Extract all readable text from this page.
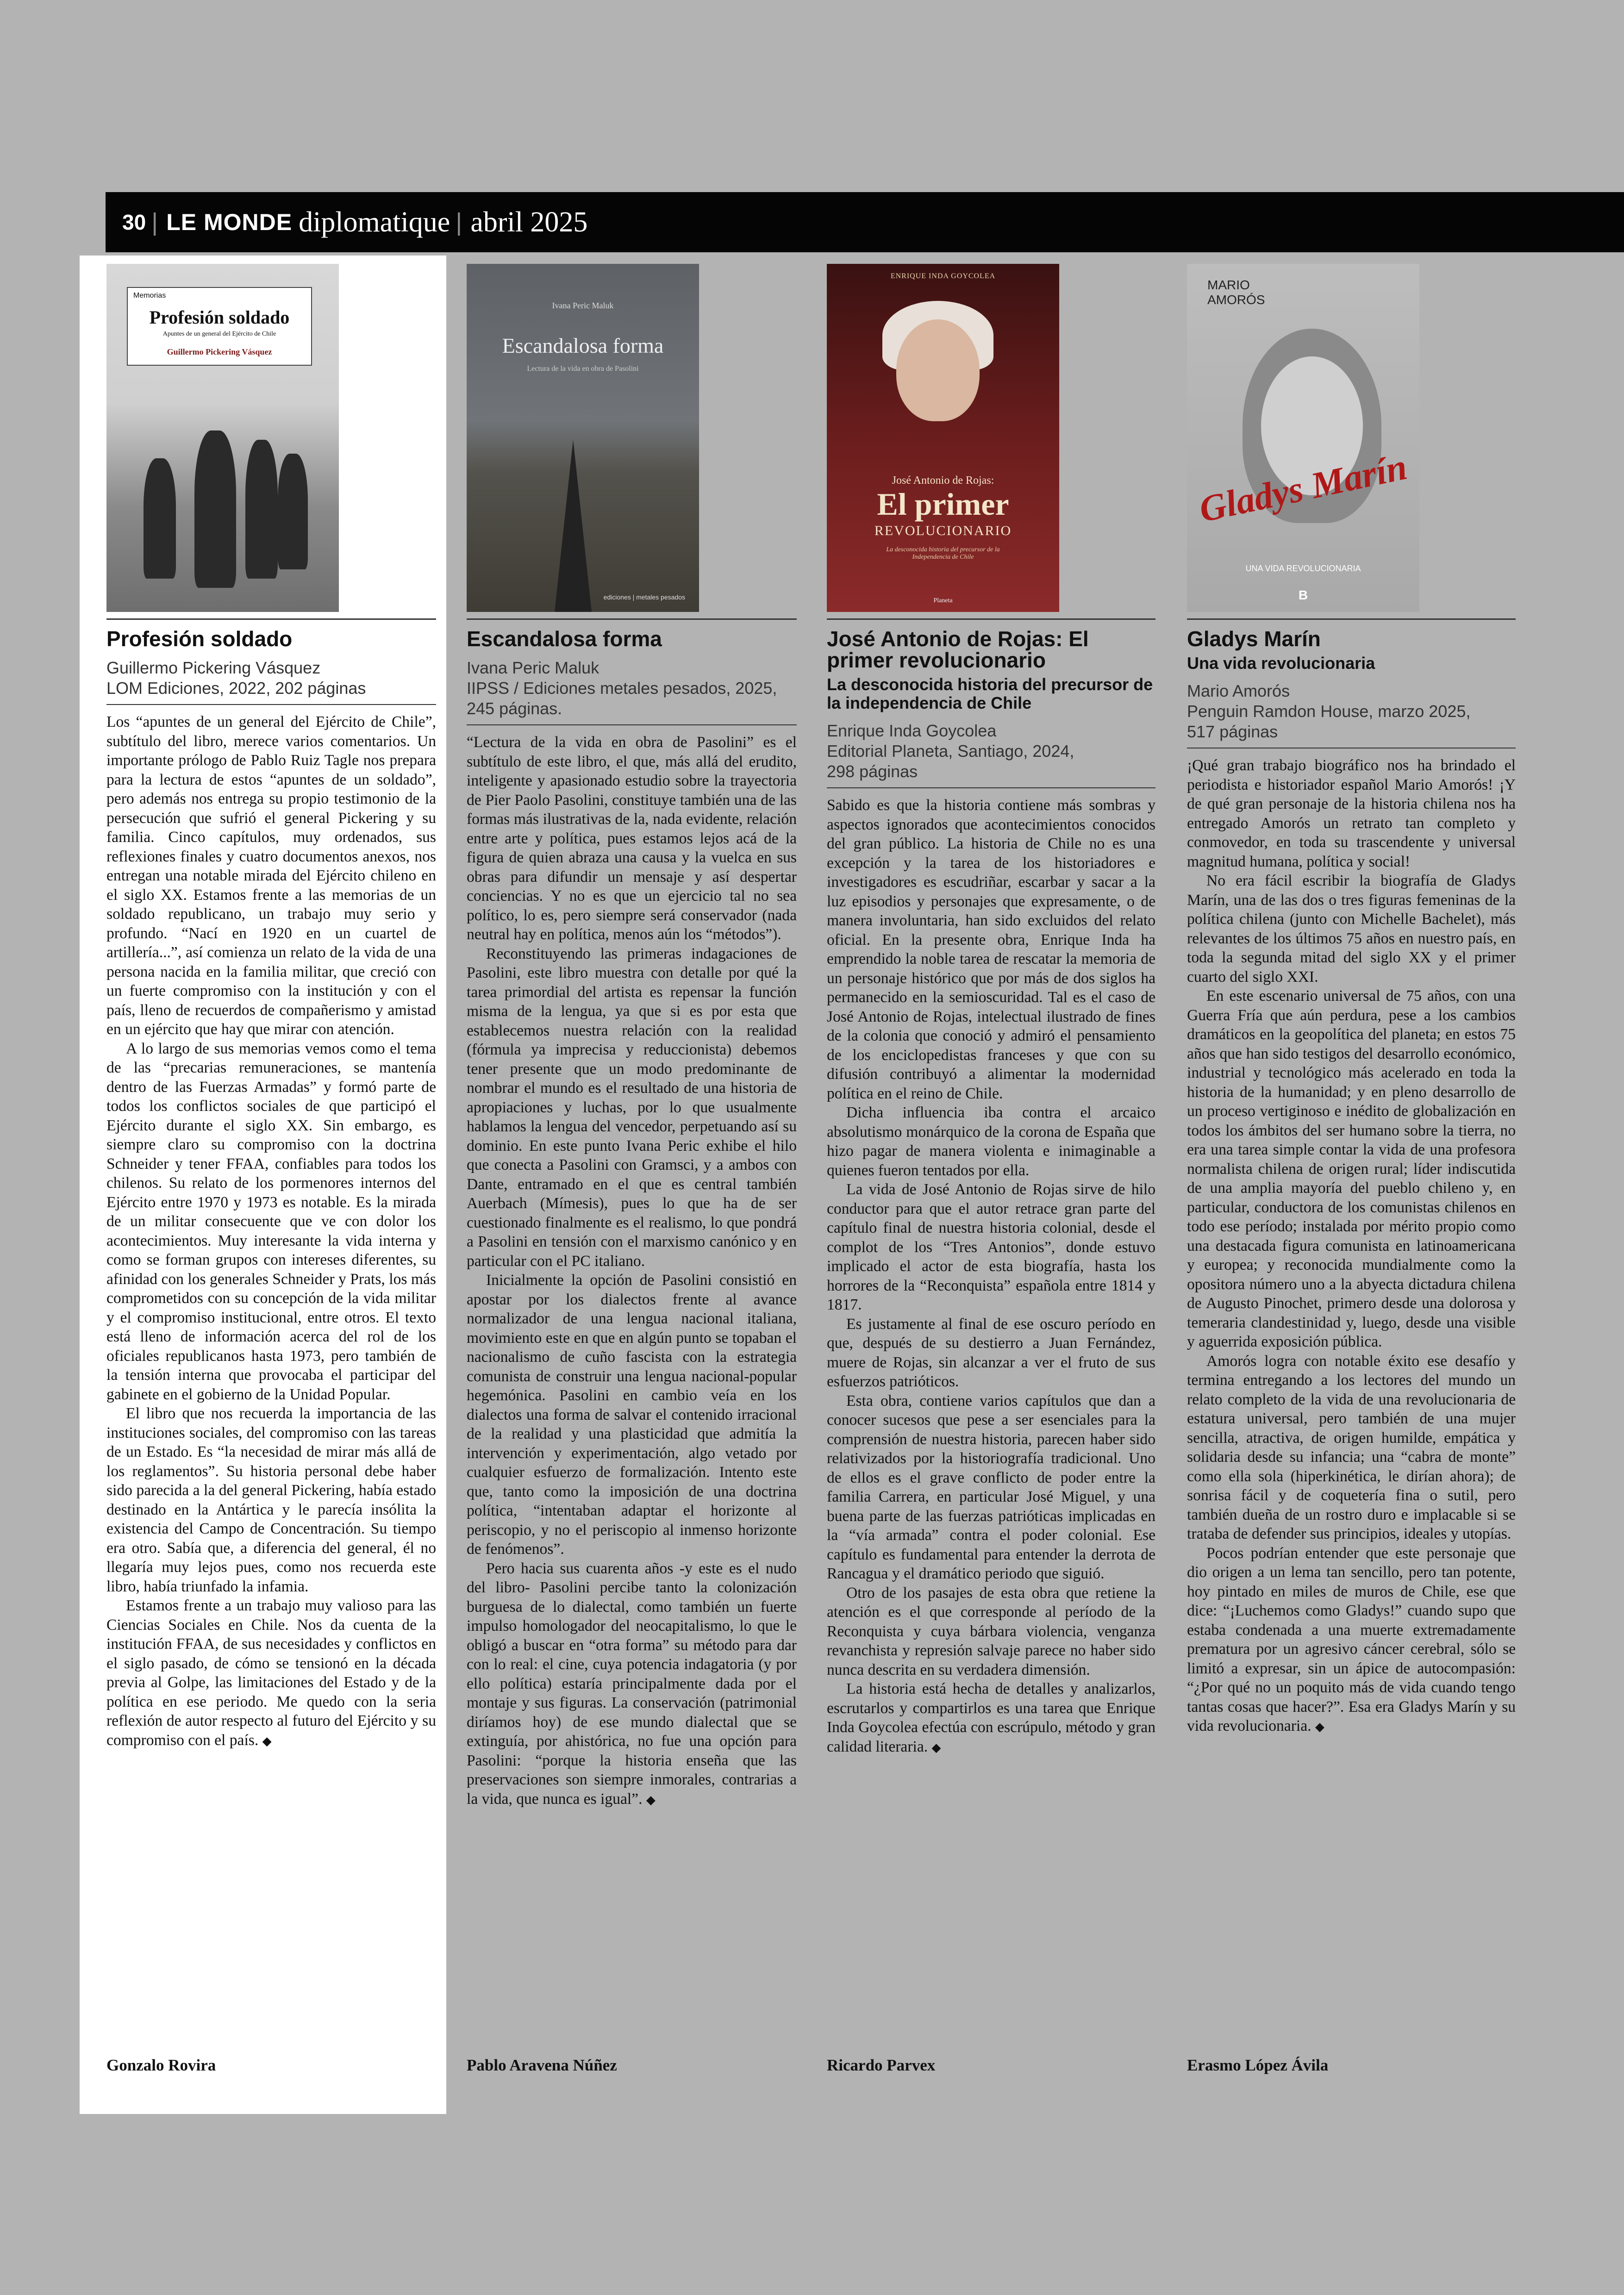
30 | LE MONDE diplomatique | abril 2025
Memorias
Profesión soldado
Apuntes de un general del Ejército de Chile
Guillermo Pickering Vásquez
Profesión soldado
Guillermo Pickering Vásquez
LOM Ediciones, 2022, 202 páginas

Los “apuntes de un general del Ejército de Chile”, subtítulo del libro, merece varios comentarios. Un importante prólogo de Pablo Ruiz Tagle nos prepara para la lectura de estos “apuntes de un soldado”, pero además nos entrega su propio testimonio de la persecución que sufrió el general Pickering y su familia. Cinco capítulos, muy ordenados, sus reflexiones finales y cuatro documentos anexos, nos entregan una notable mirada del Ejército chileno en el siglo XX. Estamos frente a las memorias de un soldado republicano, un trabajo muy serio y profundo. “Nací en 1920 en un cuartel de artillería...”, así comienza un relato de la vida de una persona nacida en la familia militar, que creció con un fuerte compromiso con la institución y con el país, lleno de recuerdos de compañerismo y amistad en un ejército que hay que mirar con atención.

A lo largo de sus memorias vemos como el tema de las “precarias remuneraciones, se mantenía dentro de las Fuerzas Armadas” y formó parte de todos los conflictos sociales de que participó el Ejército durante el siglo XX. Sin embargo, es siempre claro su compromiso con la doctrina Schneider y tener FFAA, confiables para todos los chilenos. Su relato de los pormenores internos del Ejército entre 1970 y 1973 es notable. Es la mirada de un militar consecuente que ve con dolor los acontecimientos. Muy interesante la vida interna y como se forman grupos con intereses diferentes, su afinidad con los generales Schneider y Prats, los más comprometidos con su concepción de la vida militar y el compromiso institucional, entre otros. El texto está lleno de información acerca del rol de los oficiales republicanos hasta 1973, pero también de la tensión interna que provocaba el participar del gabinete en el gobierno de la Unidad Popular.

El libro que nos recuerda la importancia de las instituciones sociales, del compromiso con las tareas de un Estado. Es “la necesidad de mirar más allá de los reglamentos”. Su historia personal debe haber sido parecida a la del general Pickering, había estado destinado en la Antártica y le parecía insólita la existencia del Campo de Concentración. Su tiempo era otro. Sabía que, a diferencia del general, él no llegaría muy lejos pues, como nos recuerda este libro, había triunfado la infamia.

Estamos frente a un trabajo muy valioso para las Ciencias Sociales en Chile. Nos da cuenta de la institución FFAA, de sus necesidades y conflictos en el siglo pasado, de cómo se tensionó en la década previa al Golpe, las limitaciones del Estado y de la política en ese periodo. Me quedo con la seria reflexión de autor respecto al futuro del Ejército y su compromiso con el país. ◆

Gonzalo Rovira
Ivana Peric Maluk
Escandalosa forma
Lectura de la vida en obra de Pasolini
ediciones | metales pesados
Escandalosa forma
Ivana Peric Maluk
IIPSS / Ediciones metales pesados, 2025, 245 páginas.

“Lectura de la vida en obra de Pasolini” es el subtítulo de este libro, el que, más allá del erudito, inteligente y apasionado estudio sobre la trayectoria de Pier Paolo Pasolini, constituye también una de las formas más ilustrativas de la, nada evidente, relación entre arte y política, pues estamos lejos acá de la figura de quien abraza una causa y la vuelca en sus obras para difundir un mensaje y así despertar conciencias. Y no es que un ejercicio tal no sea político, lo es, pero siempre será conservador (nada neutral hay en política, menos aún los “métodos”).

Reconstituyendo las primeras indagaciones de Pasolini, este libro muestra con detalle por qué la tarea primordial del artista es repensar la función misma de la lengua, ya que si es por esta que establecemos nuestra relación con la realidad (fórmula ya imprecisa y reduccionista) debemos tener presente que un modo predominante de nombrar el mundo es el resultado de una historia de apropiaciones y luchas, por lo que usualmente hablamos la lengua del vencedor, perpetuando así su dominio. En este punto Ivana Peric exhibe el hilo que conecta a Pasolini con Gramsci, y a ambos con Dante, entramado en el que es central también Auerbach (Mímesis), pues lo que ha de ser cuestionado finalmente es el realismo, lo que pondrá a Pasolini en tensión con el marxismo canónico y en particular con el PC italiano.

Inicialmente la opción de Pasolini consistió en apostar por los dialectos frente al avance normalizador de una lengua nacional italiana, movimiento este en que en algún punto se topaban el nacionalismo de cuño fascista con la estrategia comunista de construir una lengua nacional-popular hegemónica. Pasolini en cambio veía en los dialectos una forma de salvar el contenido irracional de la realidad y una plasticidad que admitía la intervención y experimentación, algo vetado por cualquier esfuerzo de formalización. Intento este que, tanto como la imposición de una doctrina política, “intentaban adaptar el horizonte al periscopio, y no el periscopio al inmenso horizonte de fenómenos”.

Pero hacia sus cuarenta años -y este es el nudo del libro- Pasolini percibe tanto la colonización burguesa de lo dialectal, como también un fuerte impulso homologador del neocapitalismo, lo que le obligó a buscar en “otra forma” su método para dar con lo real: el cine, cuya potencia indagatoria (y por ello política) estaría principalmente dada por el montaje y sus figuras. La conservación (patrimonial diríamos hoy) de ese mundo dialectal que se extinguía, por ahistórica, no fue una opción para Pasolini: “porque la historia enseña que las preservaciones son siempre inmorales, contrarias a la vida, que nunca es igual”. ◆

Pablo Aravena Núñez
ENRIQUE INDA GOYCOLEA
José Antonio de Rojas:
El primer
REVOLUCIONARIO
La desconocida historia del precursor de la Independencia de Chile
Planeta
José Antonio de Rojas: El primer revolucionario
La desconocida historia del precursor de la independencia de Chile
Enrique Inda Goycolea
Editorial Planeta, Santiago, 2024,
298 páginas

Sabido es que la historia contiene más sombras y aspectos ignorados que acontecimientos conocidos del gran público. La historia de Chile no es una excepción y la tarea de los historiadores e investigadores es escudriñar, escarbar y sacar a la luz episodios y personajes que expresamente, o de manera involuntaria, han sido excluidos del relato oficial. En la presente obra, Enrique Inda ha emprendido la noble tarea de rescatar la memoria de un personaje histórico que por más de dos siglos ha permanecido en la semioscuridad. Tal es el caso de José Antonio de Rojas, intelectual ilustrado de fines de la colonia que conoció y admiró el pensamiento de los enciclopedistas franceses y que con su difusión contribuyó a alimentar la modernidad política en el reino de Chile.

Dicha influencia iba contra el arcaico absolutismo monárquico de la corona de España que hizo pagar de manera violenta e inimaginable a quienes fueron tentados por ella.

La vida de José Antonio de Rojas sirve de hilo conductor para que el autor retrace gran parte del capítulo final de nuestra historia colonial, desde el complot de los “Tres Antonios”, donde estuvo implicado el actor de esta biografía, hasta los horrores de la “Reconquista” española entre 1814 y 1817.

Es justamente al final de ese oscuro período en que, después de su destierro a Juan Fernández, muere de Rojas, sin alcanzar a ver el fruto de sus esfuerzos patrióticos.

Esta obra, contiene varios capítulos que dan a conocer sucesos que pese a ser esenciales para la comprensión de nuestra historia, parecen haber sido relativizados por la historiografía tradicional. Uno de ellos es el grave conflicto de poder entre la familia Carrera, en particular José Miguel, y una buena parte de las fuerzas patrióticas implicadas en la “vía armada” contra el poder colonial. Ese capítulo es fundamental para entender la derrota de Rancagua y el dramático periodo que siguió.

Otro de los pasajes de esta obra que retiene la atención es el que corresponde al período de la Reconquista y cuya bárbara violencia, venganza revanchista y represión salvaje parece no haber sido nunca descrita en su verdadera dimensión.

La historia está hecha de detalles y analizarlos, escrutarlos y compartirlos es una tarea que Enrique Inda Goycolea efectúa con escrúpulo, método y gran calidad literaria. ◆

Ricardo Parvex
MARIO AMORÓS
Gladys Marín
UNA VIDA REVOLUCIONARIA
B
Gladys Marín
Una vida revolucionaria
Mario Amorós
Penguin Ramdon House, marzo 2025,
517 páginas

¡Qué gran trabajo biográfico nos ha brindado el periodista e historiador español Mario Amorós! ¡Y de qué gran personaje de la historia chilena nos ha entregado Amorós un retrato tan completo y conmovedor, en toda su trascendente y universal magnitud humana, política y social!

No era fácil escribir la biografía de Gladys Marín, una de las dos o tres figuras femeninas de la política chilena (junto con Michelle Bachelet), más relevantes de los últimos 75 años en nuestro país, en toda la segunda mitad del siglo XX y el primer cuarto del siglo XXI.

En este escenario universal de 75 años, con una Guerra Fría que aún perdura, pese a los cambios dramáticos en la geopolítica del planeta; en estos 75 años que han sido testigos del desarrollo económico, industrial y tecnológico más acelerado en toda la historia de la humanidad; y en pleno desarrollo de un proceso vertiginoso e inédito de globalización en todos los ámbitos del ser humano sobre la tierra, no era una tarea simple contar la vida de una profesora normalista chilena de origen rural; líder indiscutida de una amplia mayoría del pueblo chileno y, en particular, conductora de los comunistas chilenos en todo ese período; instalada por mérito propio como una destacada figura comunista en latinoamericana y europea; y reconocida mundialmente como la opositora número uno a la abyecta dictadura chilena de Augusto Pinochet, primero desde una dolorosa y temeraria clandestinidad y, luego, desde una visible y aguerrida exposición pública.

Amorós logra con notable éxito ese desafío y termina entregando a los lectores del mundo un relato completo de la vida de una revolucionaria de estatura universal, pero también de una mujer sencilla, atractiva, de origen humilde, empática y solidaria desde su infancia; una “cabra de monte” como ella sola (hiperkinética, le dirían ahora); de sonrisa fácil y de coquetería fina o sutil, pero también dueña de un rostro duro e implacable si se trataba de defender sus principios, ideales y utopías.

Pocos podrían entender que este personaje que dio origen a un lema tan sencillo, pero tan potente, hoy pintado en miles de muros de Chile, ese que dice: “¡Luchemos como Gladys!” cuando supo que estaba condenada a una muerte extremadamente prematura por un agresivo cáncer cerebral, sólo se limitó a expresar, sin un ápice de autocompasión: “¿Por qué no un poquito más de vida cuando tengo tantas cosas que hacer?”. Esa era Gladys Marín y su vida revolucionaria. ◆

Erasmo López Ávila
